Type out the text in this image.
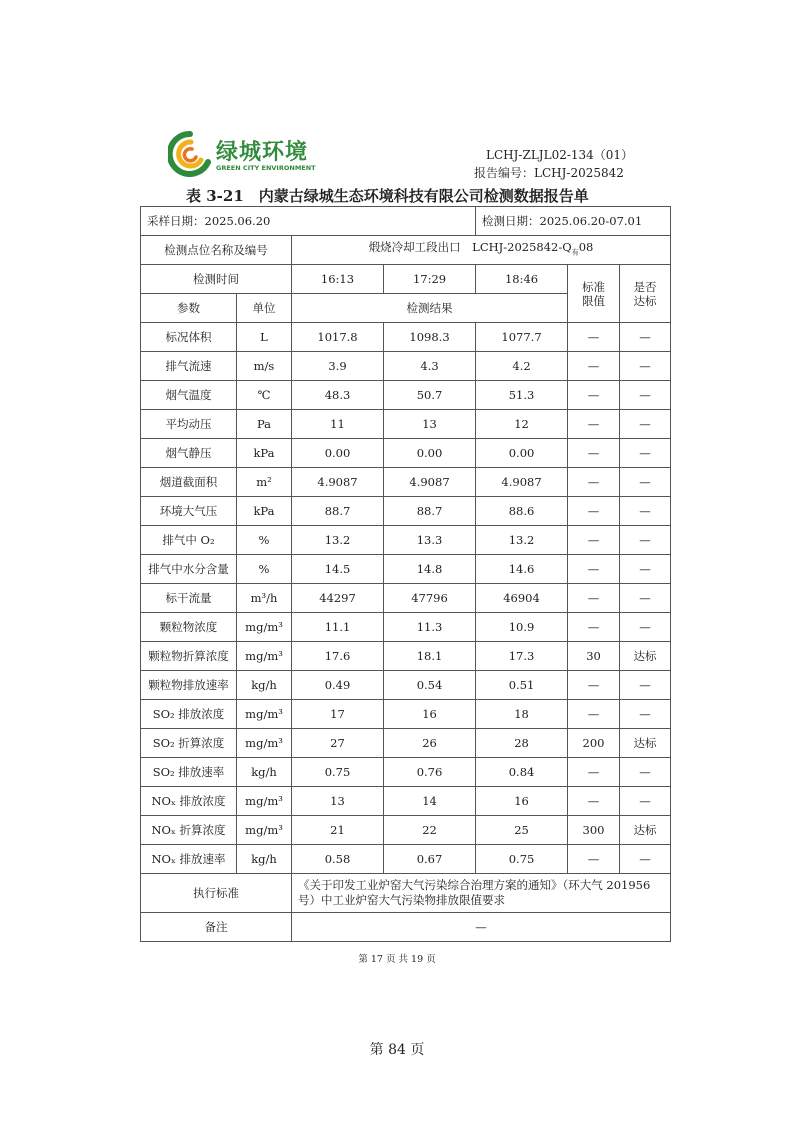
绿城环境
GREEN CITY ENVIRONMENT
LCHJ-ZLJL02-134（01）
报告编号：LCHJ-2025842
表 3-21　内蒙古绿城生态环境科技有限公司检测数据报告单
采样日期：2025.06.20				检测日期：2025.06.20-07.01		
检测点位名称及编号		煅烧冷却工段出口　LCHJ-$2025842-Q_有08$				
检测时间		16:13	17:29	18:46	标准限值	是否达标
参数	单位	检测结果				
标况体积	L	1017.8	1098.3	1077.7	—	—
排气流速	m/s	3.9	4.3	4.2	—	—
烟气温度	℃	48.3	50.7	51.3	—	—
平均动压	Pa	11	13	12	—	—
烟气静压	kPa	0.00	0.00	0.00	—	—
烟道截面积	m²	4.9087	4.9087	4.9087	—	—
环境大气压	kPa	88.7	88.7	88.6	—	—
排气中 O₂	%	13.2	13.3	13.2	—	—
排气中水分含量	%	14.5	14.8	14.6	—	—
标干流量	m³/h	44297	47796	46904	—	—
颗粒物浓度	mg/m³	11.1	11.3	10.9	—	—
颗粒物折算浓度	mg/m³	17.6	18.1	17.3	30	达标
颗粒物排放速率	kg/h	0.49	0.54	0.51	—	—
SO₂ 排放浓度	mg/m³	17	16	18	—	—
SO₂ 折算浓度	mg/m³	27	26	28	200	达标
SO₂ 排放速率	kg/h	0.75	0.76	0.84	—	—
NOₓ 排放浓度	mg/m³	13	14	16	—	—
NOₓ 折算浓度	mg/m³	21	22	25	300	达标
NOₓ 排放速率	kg/h	0.58	0.67	0.75	—	—
执行标准		《关于印发工业炉窑大气污染综合治理方案的通知》（环大气 201956 号）中工业炉窑大气污染物排放限值要求				
备注		—				
第 17 页 共 19 页
第 84 页
